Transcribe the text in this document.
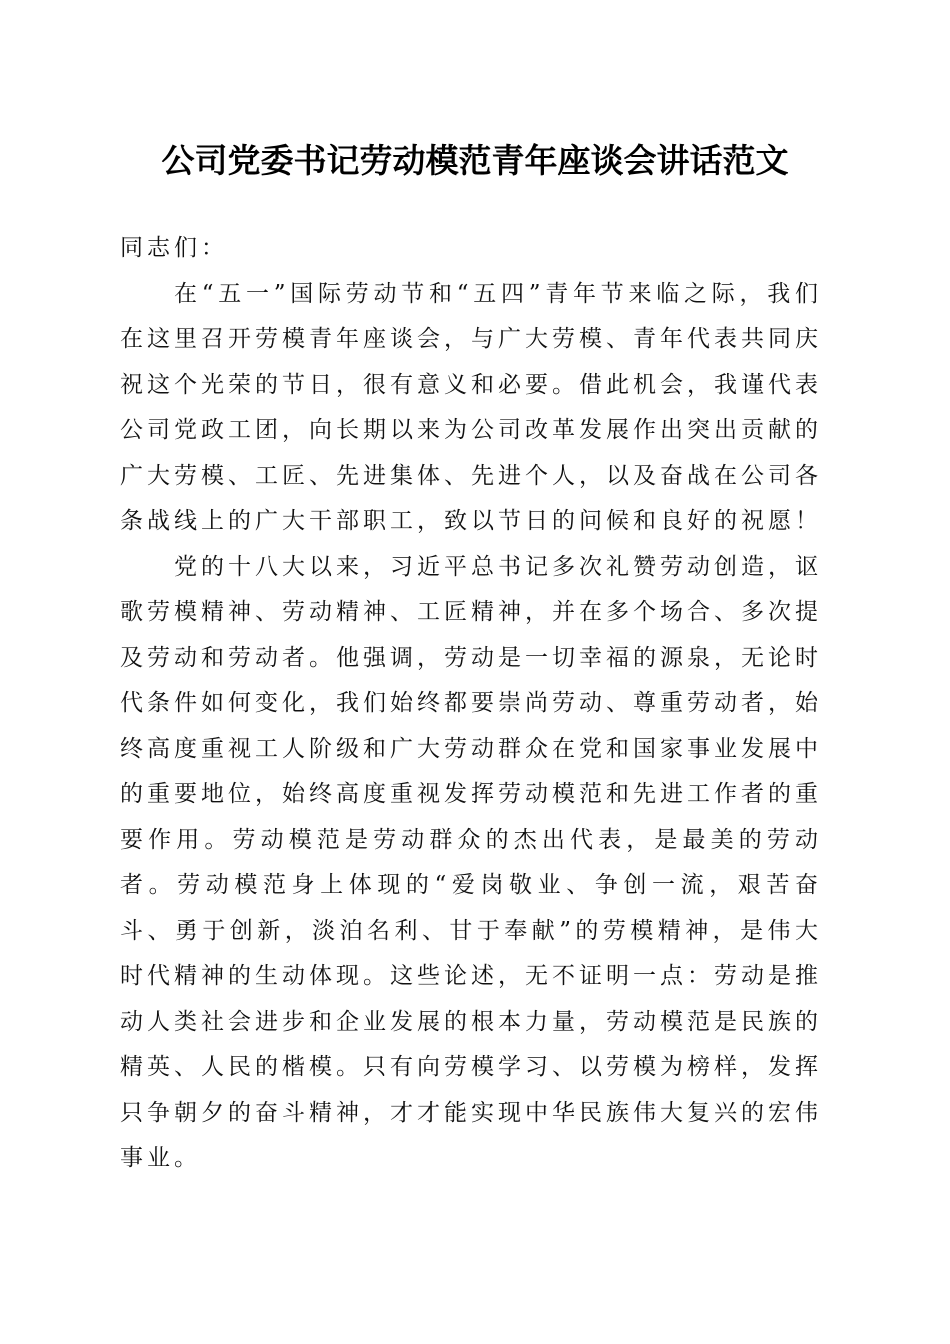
公司党委书记劳动模范青年座谈会讲话范文

同志们：

在“五一”国际劳动节和“五四”青年节来临之际，我们在这里召开劳模青年座谈会，与广大劳模、青年代表共同庆祝这个光荣的节日，很有意义和必要。借此机会，我谨代表公司党政工团，向长期以来为公司改革发展作出突出贡献的广大劳模、工匠、先进集体、先进个人，以及奋战在公司各条战线上的广大干部职工，致以节日的问候和良好的祝愿！

党的十八大以来，习近平总书记多次礼赞劳动创造，讴歌劳模精神、劳动精神、工匠精神，并在多个场合、多次提及劳动和劳动者。他强调，劳动是一切幸福的源泉，无论时代条件如何变化，我们始终都要崇尚劳动、尊重劳动者，始终高度重视工人阶级和广大劳动群众在党和国家事业发展中的重要地位，始终高度重视发挥劳动模范和先进工作者的重要作用。劳动模范是劳动群众的杰出代表，是最美的劳动者。劳动模范身上体现的“爱岗敬业、争创一流，艰苦奋斗、勇于创新，淡泊名利、甘于奉献”的劳模精神，是伟大时代精神的生动体现。这些论述，无不证明一点：劳动是推动人类社会进步和企业发展的根本力量，劳动模范是民族的精英、人民的楷模。只有向劳模学习、以劳模为榜样，发挥只争朝夕的奋斗精神，才才能实现中华民族伟大复兴的宏伟事业。
